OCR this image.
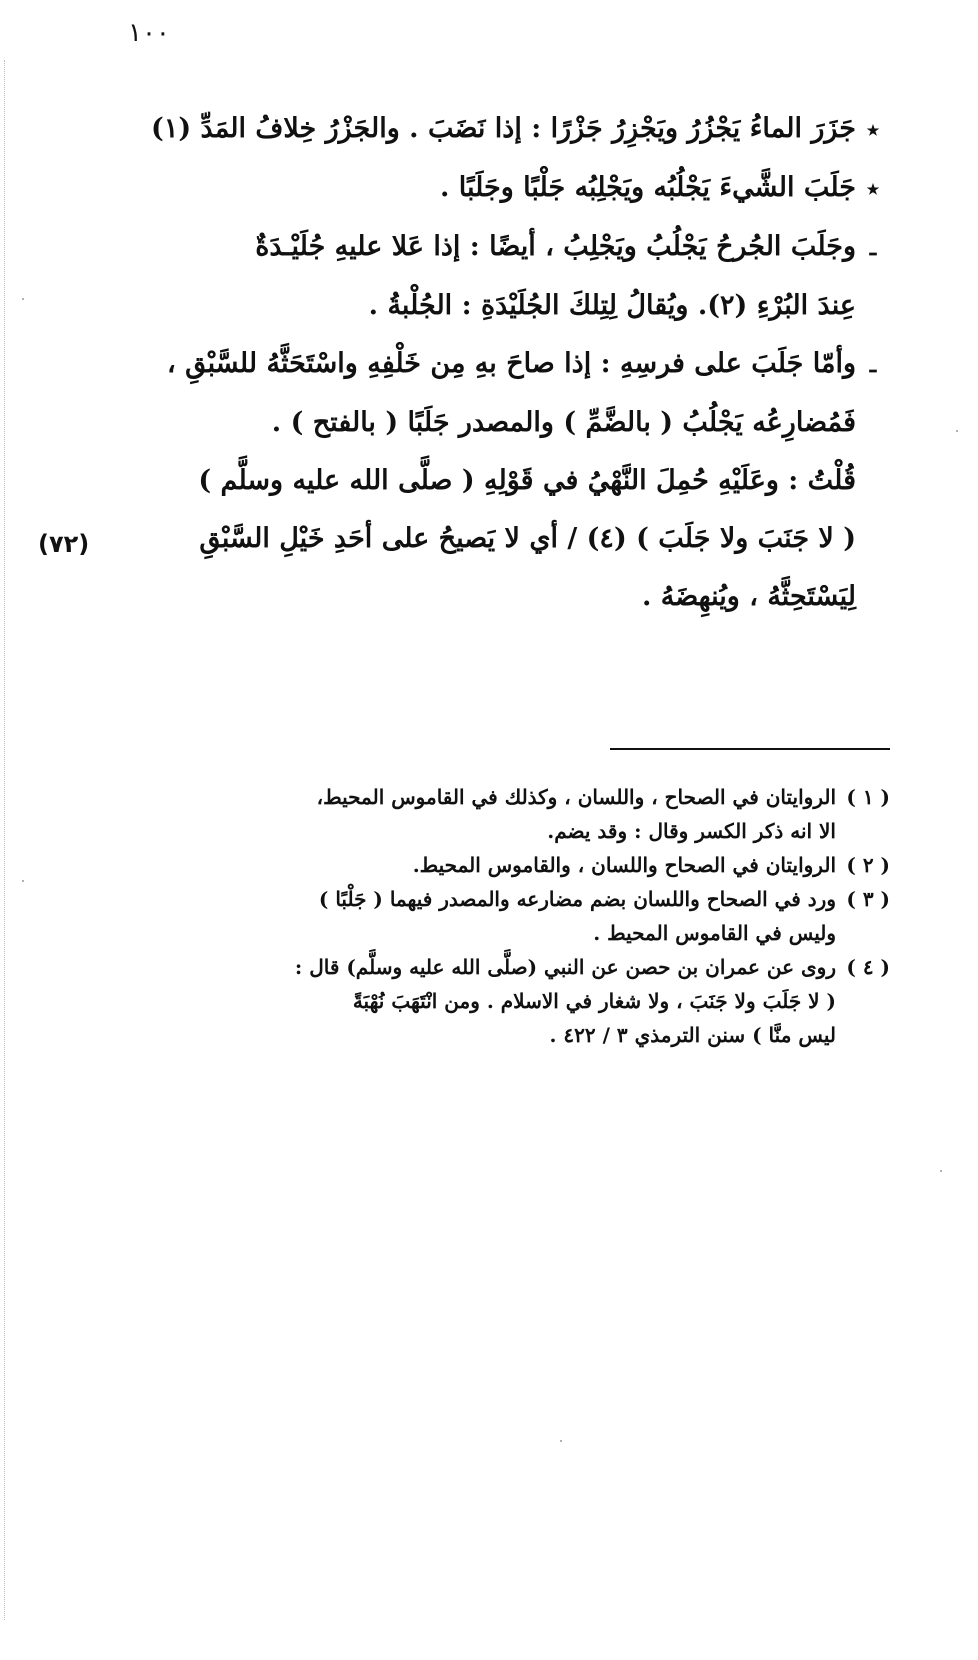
١٠٠
٭جَزَرَ الماءُ يَجْزُرُ ويَجْزِرُ جَزْرًا : إذا نَضَبَ . والجَزْرُ خِلافُ المَدِّ (١)
٭جَلَبَ الشَّيءَ يَجْلُبُه ويَجْلِبُه جَلْبًا وجَلَبًا .
ـوجَلَبَ الجُرحُ يَجْلُبُ ويَجْلِبُ ، أيضًا : إذا عَلا عليهِ جُلَيْـدَةٌ
عِندَ البُرْءِ (٢). ويُقالُ لِتِلكَ الجُلَيْدَةِ : الجُلْبةُ .
ـوأمّا جَلَبَ على فرسِهِ : إذا صاحَ بهِ مِن خَلْفِهِ واسْتَحَثَّهُ للسَّبْقِ ،
فَمُضارِعُه يَجْلُبُ ( بالضَّمِّ ) والمصدر جَلَبًا ( بالفتح ) .
قُلْتُ : وعَلَيْهِ حُمِلَ النَّهْيُ في قَوْلِهِ ( صلَّى الله عليه وسلَّم )
( لا جَنَبَ ولا جَلَبَ ) (٤) / أي لا يَصيحُ على أحَدِ خَيْلِ السَّبْقِ
لِيَسْتَحِثَّهُ ، ويُنهِضَهُ .
(٧٢)
( ١ )الروايتان في الصحاح ، واللسان ، وكذلك في القاموس المحيط،
الا انه ذكر الكسر وقال : وقد يضم.
( ٢ )الروايتان في الصحاح واللسان ، والقاموس المحيط.
( ٣ )ورد في الصحاح واللسان بضم مضارعه والمصدر فيهما ( جَلْبًا )
وليس في القاموس المحيط .
( ٤ )روى عن عمران بن حصن عن النبي (صلَّى الله عليه وسلَّم) قال :
( لا جَلَبَ ولا جَنَبَ ، ولا شغار في الاسلام . ومن انْتَهَبَ نُهْبَةً
ليس منَّا ) سنن الترمذي ٣ / ٤٢٢ .
